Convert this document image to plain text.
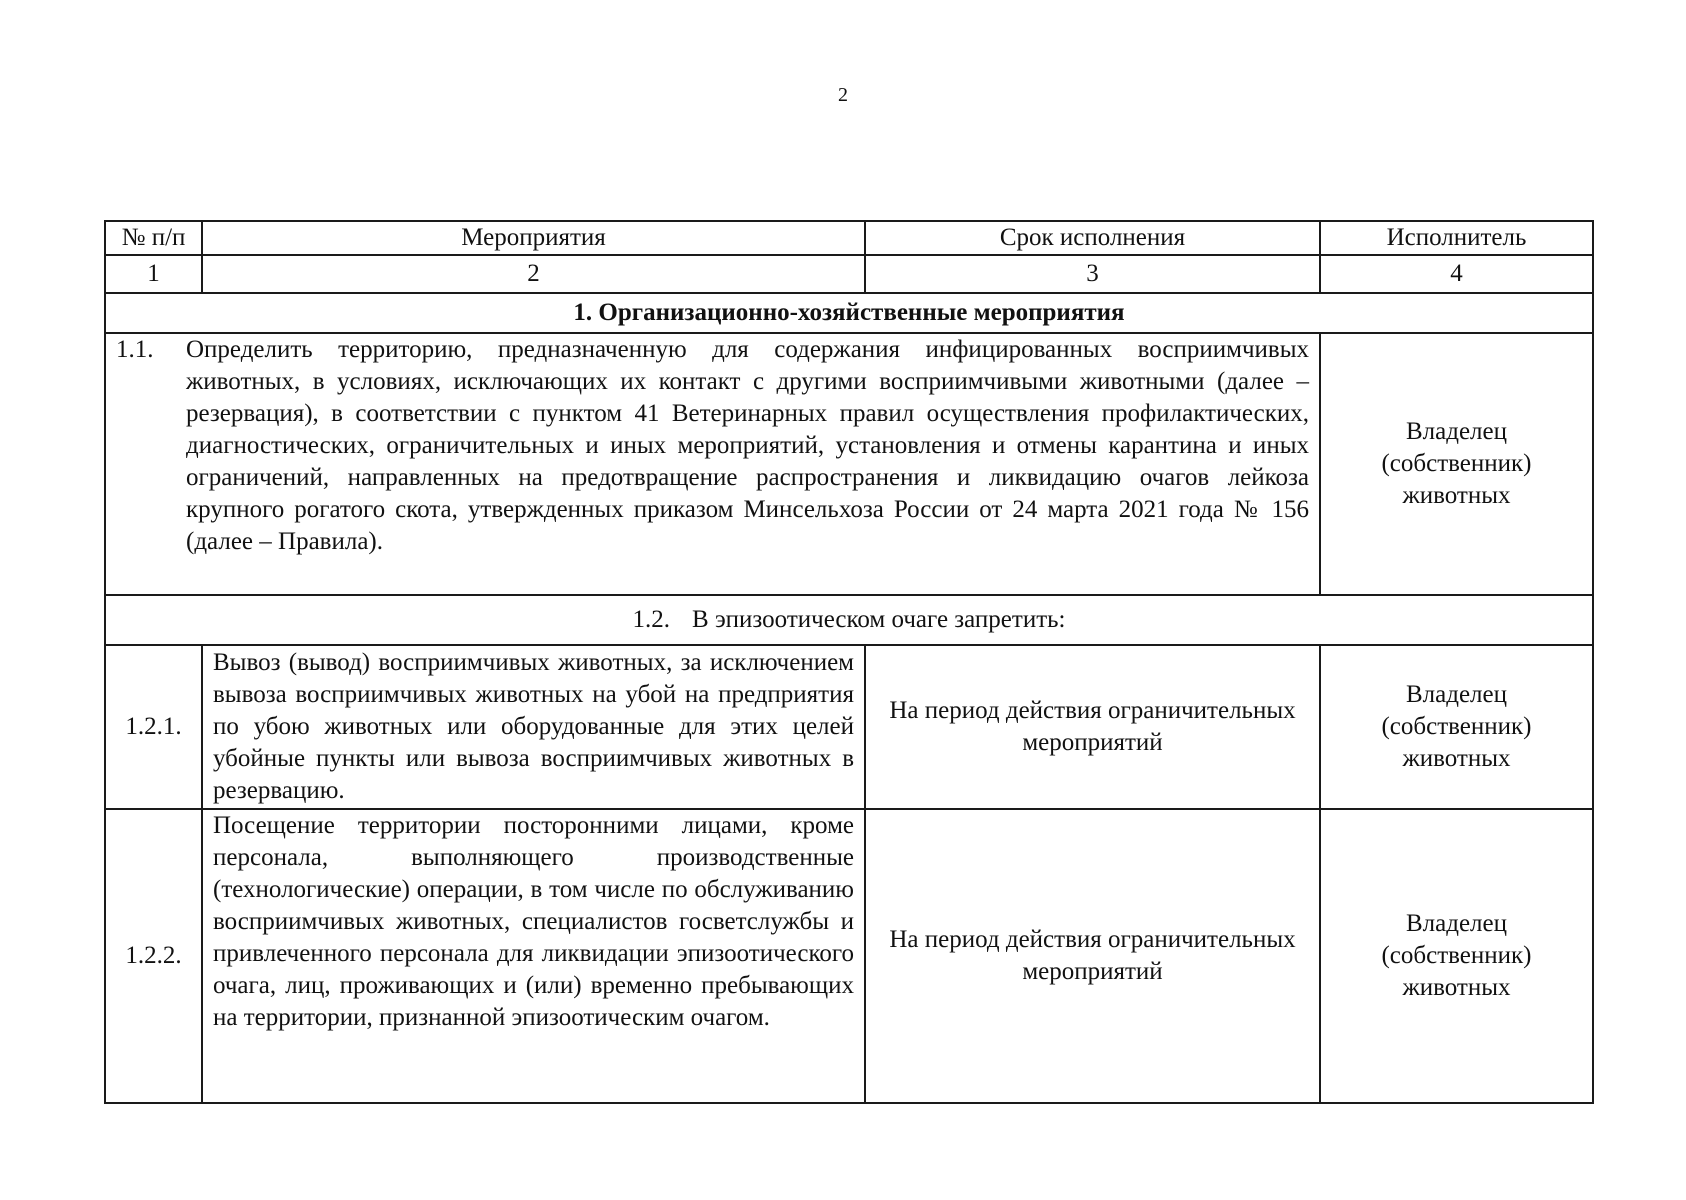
2
№ п/п	Мероприятия	Срок исполнения	Исполнитель
1	2	3	4
1. Организационно-хозяйственные мероприятия			

1.1. Определить территорию, предназначенную для содержания инфицированных восприимчивых животных, в условиях, исключающих их контакт с другими восприимчивыми животными (далее – резервация), в соответствии с пунктом 41 Ветеринарных правил осуществления профилактических, диагностических, ограничительных и иных мероприятий, установления и отмены карантина и иных ограничений, направленных на предотвращение распространения и ликвидацию очагов лейкоза крупного рогатого скота, утвержденных приказом Минсельхоза России от 24 марта 2021 года № 156 (далее – Правила).			Владелец (собственник) животных
1.2. В эпизоотическом очаге запретить:			
1.2.1.	Вывоз (вывод) восприимчивых животных, за исключением вывоза восприимчивых животных на убой на предприятия по убою животных или оборудованные для этих целей убойные пункты или вывоза восприимчивых животных в резервацию.	На период действия ограничительных мероприятий	Владелец (собственник) животных
1.2.2.	Посещение территории посторонними лицами, кроме персонала, выполняющего производственные (технологические) операции, в том числе по обслуживанию восприимчивых животных, специалистов госветслужбы и привлеченного персонала для ликвидации эпизоотического очага, лиц, проживающих и (или) временно пребывающих на территории, признанной эпизоотическим очагом.	На период действия ограничительных мероприятий	Владелец (собственник) животных
